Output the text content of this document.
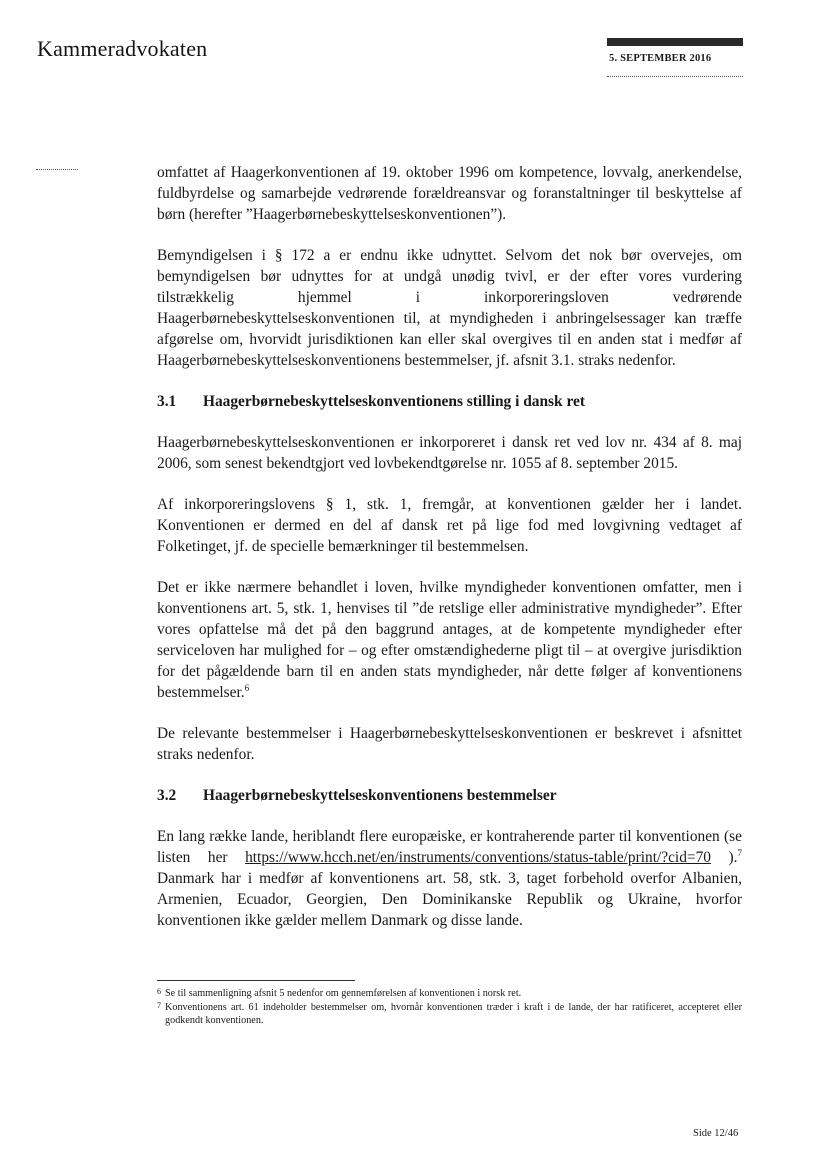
Kammeradvokaten	5. SEPTEMBER 2016

omfattet af Haagerkonventionen af 19. oktober 1996 om kompetence, lovvalg, anerkendelse, fuldbyrdelse og samarbejde vedrørende forældreansvar og foranstaltninger til beskyttelse af børn (herefter ”Haagerbørnebeskyttelseskonventionen”).

Bemyndigelsen i § 172 a er endnu ikke udnyttet. Selvom det nok bør overvejes, om bemyndigelsen bør udnyttes for at undgå unødig tvivl, er der efter vores vurdering tilstrækkelig hjemmel i inkorporeringsloven vedrørende Haagerbørnebeskyttelseskonventionen til, at myndigheden i anbringelsessager kan træffe afgørelse om, hvorvidt jurisdiktionen kan eller skal overgives til en anden stat i medfør af Haagerbørnebeskyttelseskonventionens bestemmelser, jf. afsnit 3.1. straks nedenfor.

3.1	Haagerbørnebeskyttelseskonventionens stilling i dansk ret

Haagerbørnebeskyttelseskonventionen er inkorporeret i dansk ret ved lov nr. 434 af 8. maj 2006, som senest bekendtgjort ved lovbekendtgørelse nr. 1055 af 8. september 2015.

Af inkorporeringslovens § 1, stk. 1, fremgår, at konventionen gælder her i landet. Konventionen er dermed en del af dansk ret på lige fod med lovgivning vedtaget af Folketinget, jf. de specielle bemærkninger til bestemmelsen.

Det er ikke nærmere behandlet i loven, hvilke myndigheder konventionen omfatter, men i konventionens art. 5, stk. 1, henvises til ”de retslige eller administrative myndigheder”. Efter vores opfattelse må det på den baggrund antages, at de kompetente myndigheder efter serviceloven har mulighed for – og efter omstændighederne pligt til – at overgive jurisdiktion for det pågældende barn til en anden stats myndigheder, når dette følger af konventionens bestemmelser.$^6$

De relevante bestemmelser i Haagerbørnebeskyttelseskonventionen er beskrevet i afsnittet straks nedenfor.

3.2	Haagerbørnebeskyttelseskonventionens bestemmelser

En lang række lande, heriblandt flere europæiske, er kontraherende parter til konventionen (se listen her https://www.hcch.net/en/instruments/conventions/status-table/print/?cid=70 ).$^7$ Danmark har i medfør af konventionens art. 58, stk. 3, taget forbehold overfor Albanien, Armenien, Ecuador, Georgien, Den Dominikanske Republik og Ukraine, hvorfor konventionen ikke gælder mellem Danmark og disse lande.

6 Se til sammenligning afsnit 5 nedenfor om gennemførelsen af konventionen i norsk ret.
7 Konventionens art. 61 indeholder bestemmelser om, hvornår konventionen træder i kraft i de lande, der har ratificeret, accepteret eller godkendt konventionen.
Side 12/46
